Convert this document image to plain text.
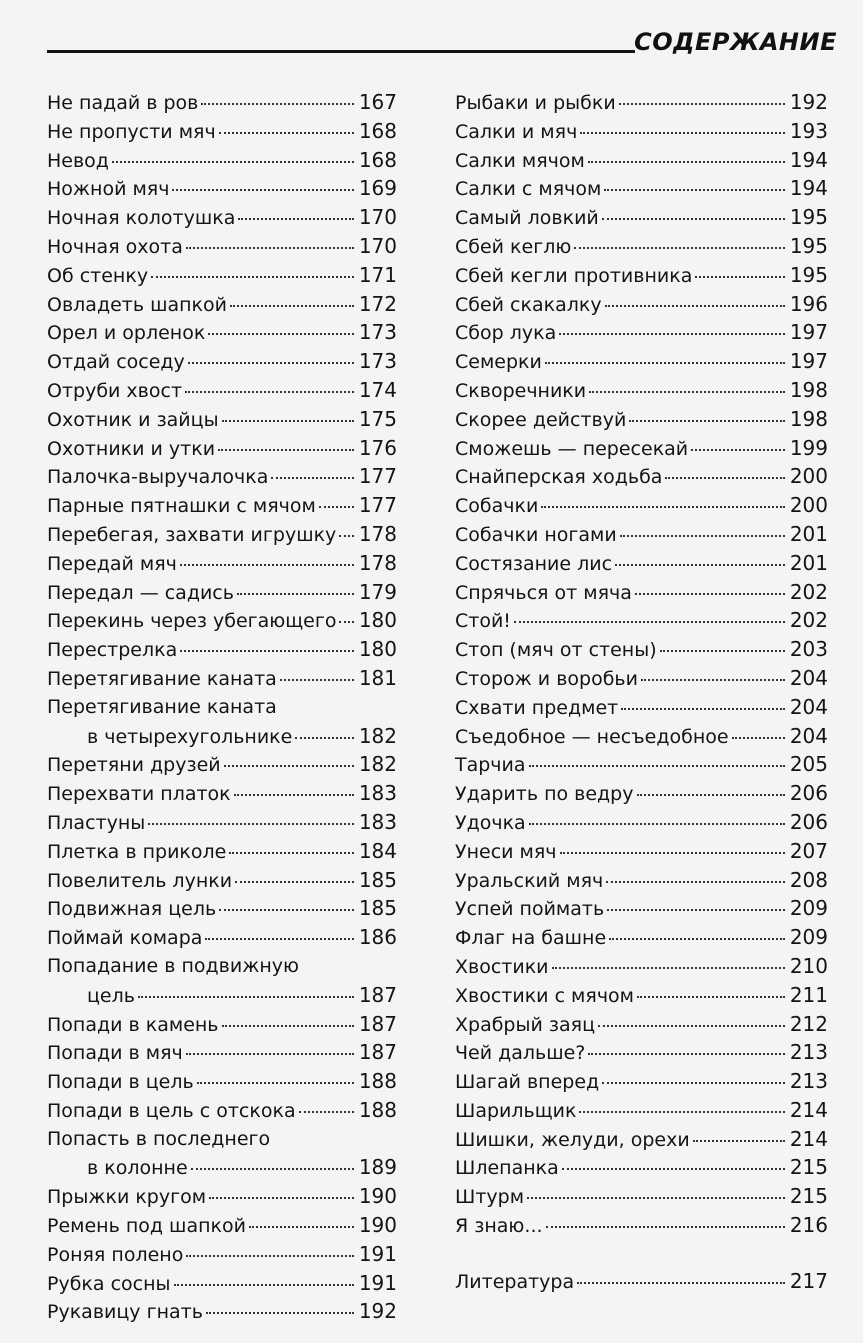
СОДЕРЖАНИЕ
Не падай в ров	167
Не пропусти мяч	168
Невод	168
Ножной мяч	169
Ночная колотушка	170
Ночная охота	170
Об стенку	171
Овладеть шапкой	172
Орел и орленок	173
Отдай соседу	173
Отруби хвост	174
Охотник и зайцы	175
Охотники и утки	176
Палочка-выручалочка	177
Парные пятнашки с мячом 177
Перебегая, захвати игрушку 178
Передай мяч	178
Передал — садись	179
Перекинь через убегающего 180
Перестрелка	180
Перетягивание каната	181
Перетягивание каната
в четырехугольнике	182
Перетяни друзей	182
Перехвати платок	183
Пластуны	183
Плетка в приколе	184
Повелитель лунки	185
Подвижная цель	185
Поймай комара	186
Попадание в подвижную
цель	187
Попади в камень	187
Попади в мяч	187
Попади в цель	188
Попади в цель с отскока	188
Попасть в последнего
в колонне	189
Прыжки кругом	190
Ремень под шапкой	190
Роняя полено	191
Рубка сосны	191
Рукавицу гнать	192
Рыбаки и рыбки	192
Салки и мяч	193
Салки мячом	194
Салки с мячом	194
Самый ловкий	195
Сбей кеглю	195
Сбей кегли противника	195
Сбей скакалку	196
Сбор лука	197
Семерки	197
Скворечники	198
Скорее действуй	198
Сможешь — пересекай	199
Снайперская ходьба	200
Собачки	200
Собачки ногами	201
Состязание лис	201
Спрячься от мяча	202
Стой!	202
Стоп (мяч от стены)	203
Сторож и воробьи	204
Схвати предмет	204
Съедобное — несъедобное	204
Тарчиа	205
Ударить по ведру	206
Удочка	206
Унеси мяч	207
Уральский мяч	208
Успей поймать	209
Флаг на башне	209
Хвостики	210
Хвостики с мячом	211
Храбрый заяц	212
Чей дальше?	213
Шагай вперед	213
Шарильщик	214
Шишки, желуди, орехи	214
Шлепанка	215
Штурм	215
Я знаю...	216
Литература	217
